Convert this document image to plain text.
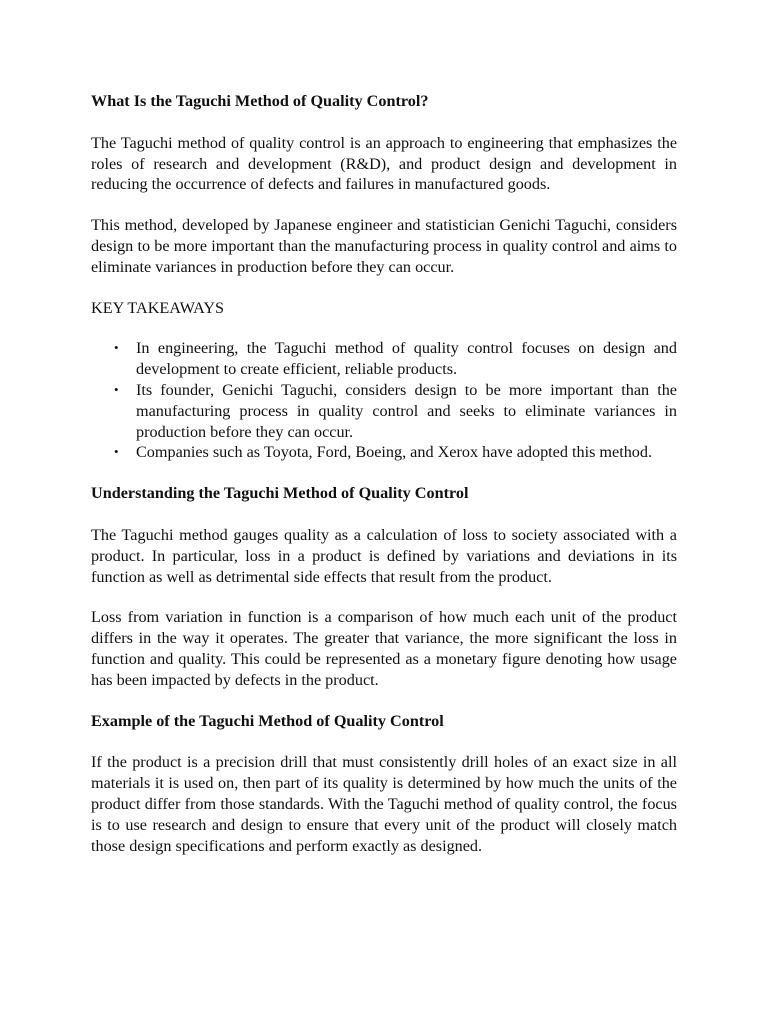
What Is the Taguchi Method of Quality Control?

The Taguchi method of quality control is an approach to engineering that emphasizes the roles of research and development (R&D), and product design and development in reducing the occurrence of defects and failures in manufactured goods.

This method, developed by Japanese engineer and statistician Genichi Taguchi, considers design to be more important than the manufacturing process in quality control and aims to eliminate variances in production before they can occur.

KEY TAKEAWAYS
• In engineering, the Taguchi method of quality control focuses on design and development to create efficient, reliable products.
• Its founder, Genichi Taguchi, considers design to be more important than the manufacturing process in quality control and seeks to eliminate variances in production before they can occur.
• Companies such as Toyota, Ford, Boeing, and Xerox have adopted this method.
Understanding the Taguchi Method of Quality Control

The Taguchi method gauges quality as a calculation of loss to society associated with a product. In particular, loss in a product is defined by variations and deviations in its function as well as detrimental side effects that result from the product.

Loss from variation in function is a comparison of how much each unit of the product differs in the way it operates. The greater that variance, the more significant the loss in function and quality. This could be represented as a monetary figure denoting how usage has been impacted by defects in the product.

Example of the Taguchi Method of Quality Control

If the product is a precision drill that must consistently drill holes of an exact size in all materials it is used on, then part of its quality is determined by how much the units of the product differ from those standards. With the Taguchi method of quality control, the focus is to use research and design to ensure that every unit of the product will closely match those design specifications and perform exactly as designed.
